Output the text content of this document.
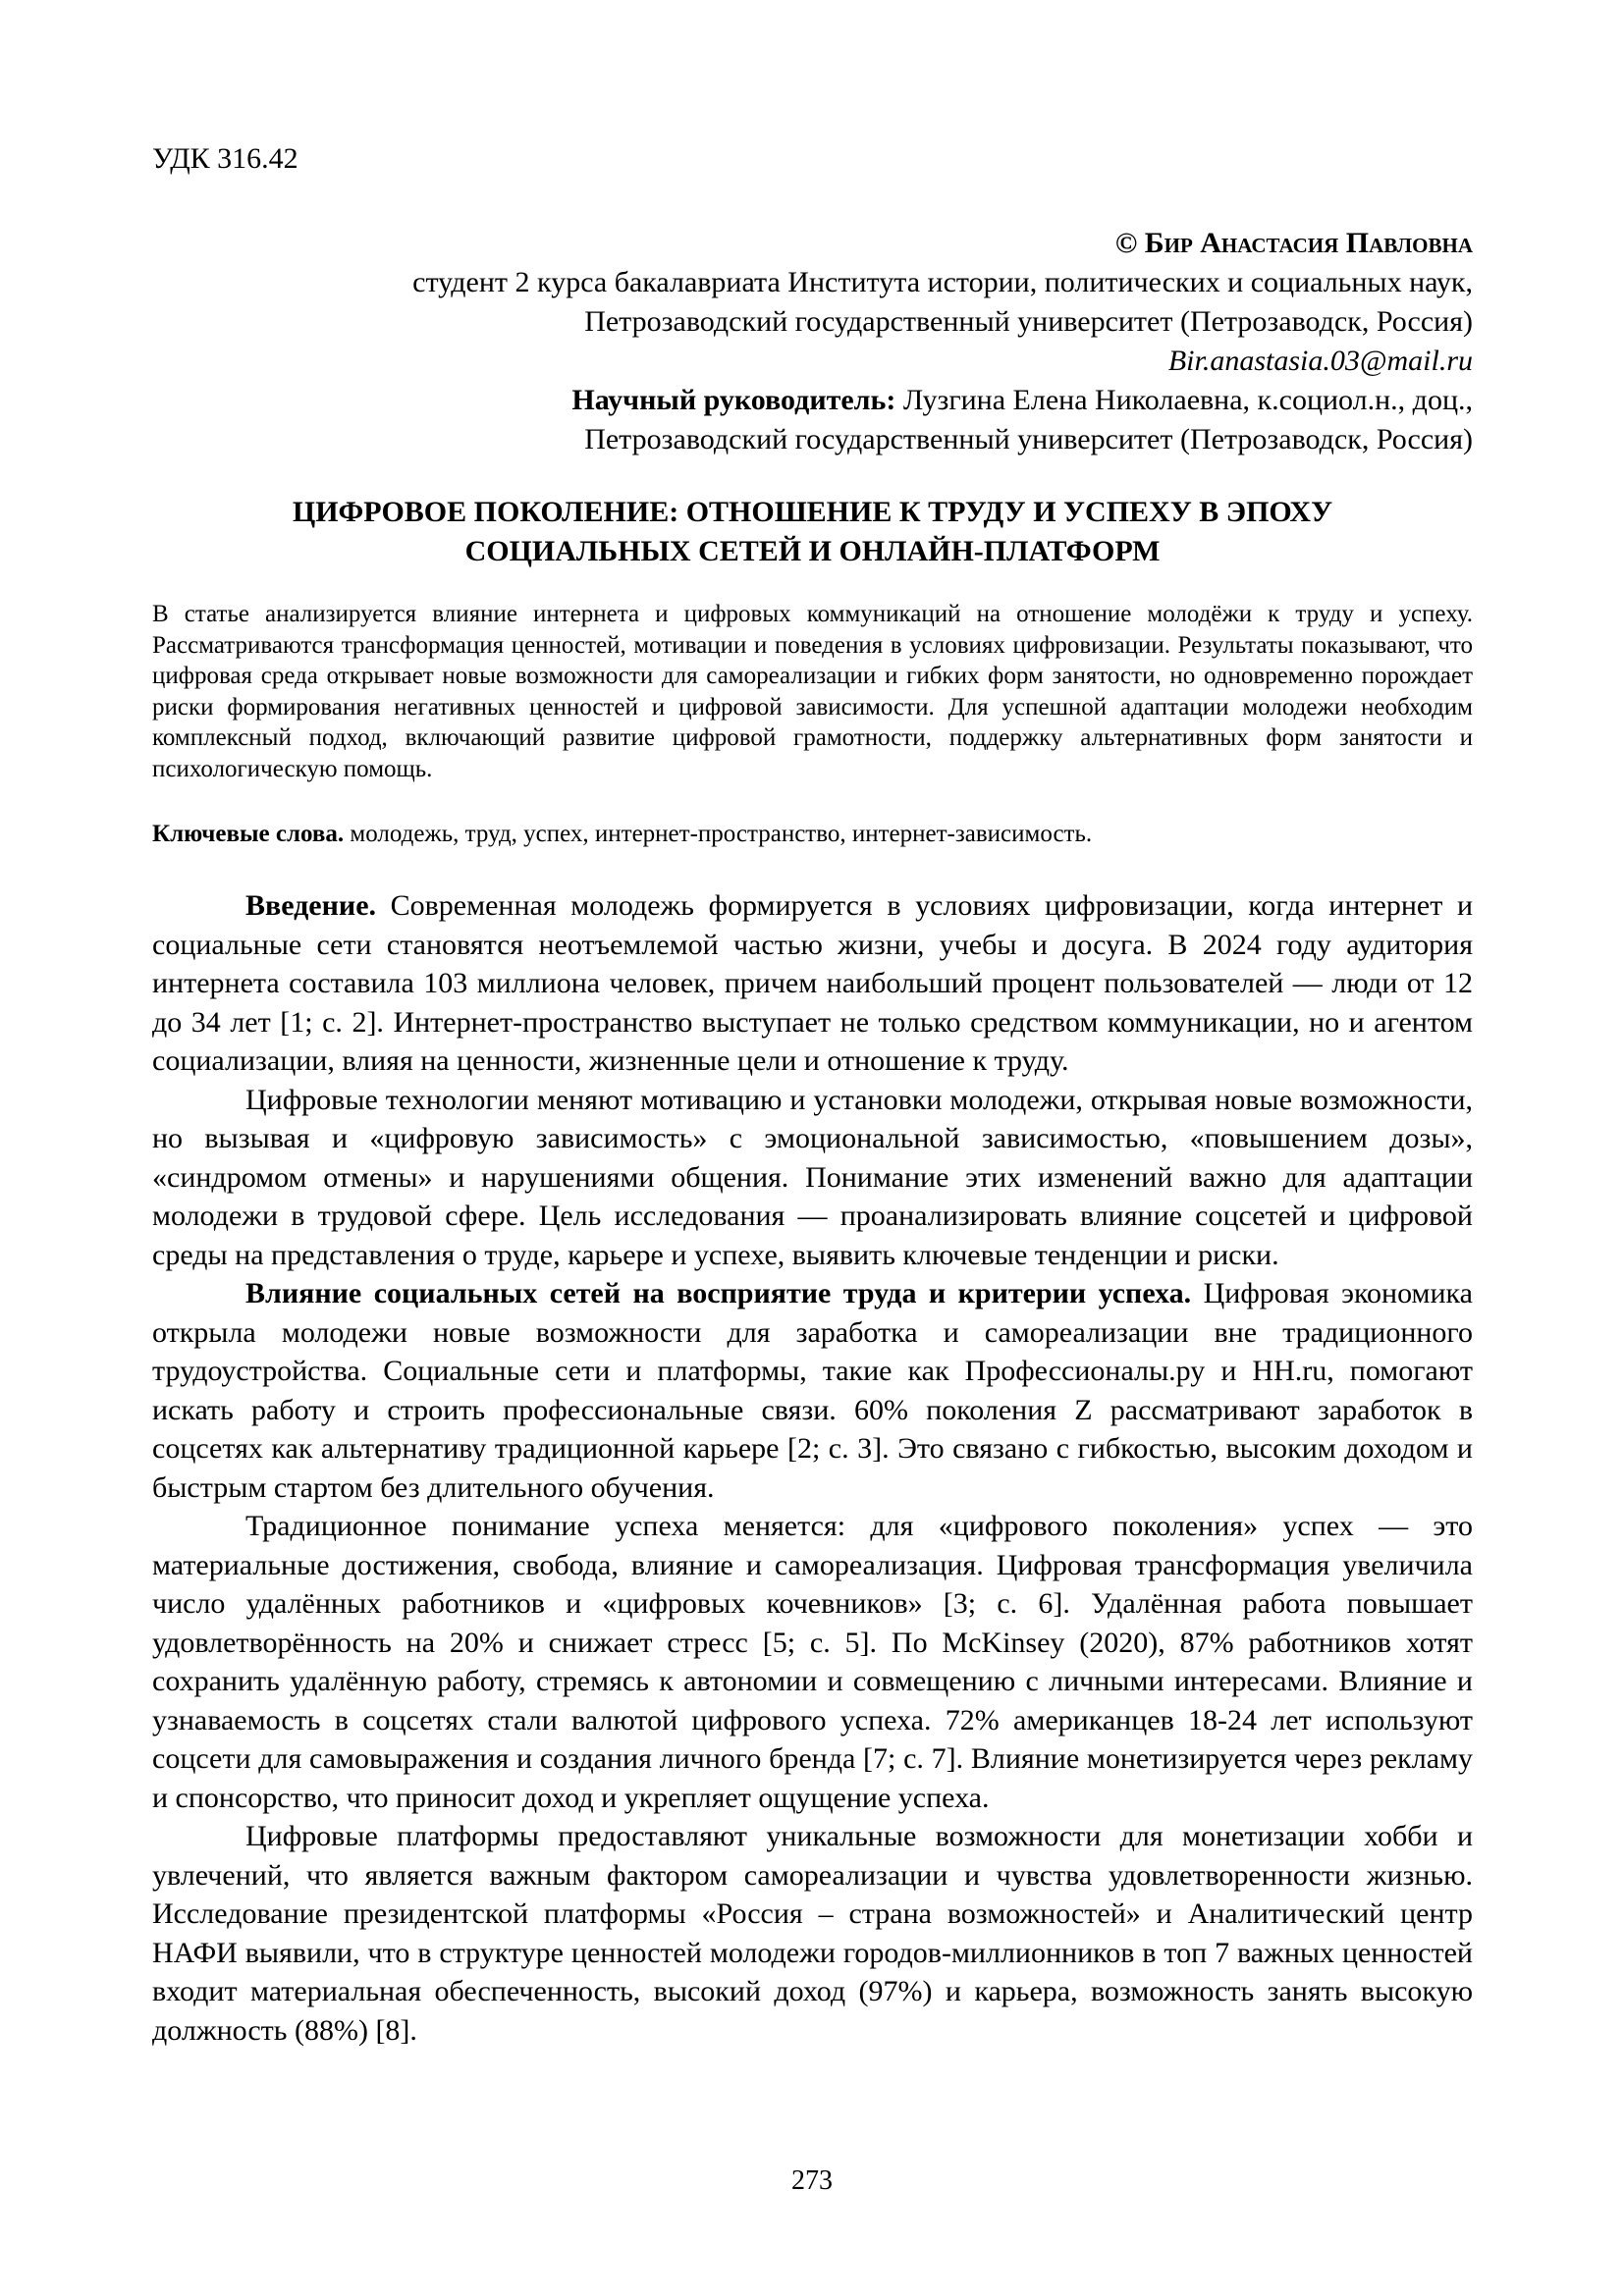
УДК 316.42
© Бир Анастасия Павловна
студент 2 курса бакалавриата Института истории, политических и социальных наук,
Петрозаводский государственный университет (Петрозаводск, Россия)
Bir.anastasia.03@mail.ru
Научный руководитель: Лузгина Елена Николаевна, к.социол.н., доц.,
Петрозаводский государственный университет (Петрозаводск, Россия)
ЦИФРОВОЕ ПОКОЛЕНИЕ: ОТНОШЕНИЕ К ТРУДУ И УСПЕХУ В ЭПОХУ
СОЦИАЛЬНЫХ СЕТЕЙ И ОНЛАЙН-ПЛАТФОРМ

В статье анализируется влияние интернета и цифровых коммуникаций на отношение молодёжи к труду и успеху. Рассматриваются трансформация ценностей, мотивации и поведения в условиях цифровизации. Результаты показывают, что цифровая среда открывает новые возможности для самореализации и гибких форм занятости, но одновременно порождает риски формирования негативных ценностей и цифровой зависимости. Для успешной адаптации молодежи необходим комплексный подход, включающий развитие цифровой грамотности, поддержку альтернативных форм занятости и психологическую помощь.

Ключевые слова. молодежь, труд, успех, интернет-пространство, интернет-зависимость.

Введение. Современная молодежь формируется в условиях цифровизации, когда интернет и социальные сети становятся неотъемлемой частью жизни, учебы и досуга. В 2024 году аудитория интернета составила 103 миллиона человек, причем наибольший процент пользователей — люди от 12 до 34 лет [1; с. 2]. Интернет-пространство выступает не только средством коммуникации, но и агентом социализации, влияя на ценности, жизненные цели и отношение к труду.

Цифровые технологии меняют мотивацию и установки молодежи, открывая новые возможности, но вызывая и «цифровую зависимость» с эмоциональной зависимостью, «повышением дозы», «синдромом отмены» и нарушениями общения. Понимание этих изменений важно для адаптации молодежи в трудовой сфере. Цель исследования — проанализировать влияние соцсетей и цифровой среды на представления о труде, карьере и успехе, выявить ключевые тенденции и риски.

Влияние социальных сетей на восприятие труда и критерии успеха. Цифровая экономика открыла молодежи новые возможности для заработка и самореализации вне традиционного трудоустройства. Социальные сети и платформы, такие как Профессионалы.ру и HH.ru, помогают искать работу и строить профессиональные связи. 60% поколения Z рассматривают заработок в соцсетях как альтернативу традиционной карьере [2; с. 3]. Это связано с гибкостью, высоким доходом и быстрым стартом без длительного обучения.

Традиционное понимание успеха меняется: для «цифрового поколения» успех — это материальные достижения, свобода, влияние и самореализация. Цифровая трансформация увеличила число удалённых работников и «цифровых кочевников» [3; с. 6]. Удалённая работа повышает удовлетворённость на 20% и снижает стресс [5; с. 5]. По McKinsey (2020), 87% работников хотят сохранить удалённую работу, стремясь к автономии и совмещению с личными интересами. Влияние и узнаваемость в соцсетях стали валютой цифрового успеха. 72% американцев 18-24 лет используют соцсети для самовыражения и создания личного бренда [7; с. 7]. Влияние монетизируется через рекламу и спонсорство, что приносит доход и укрепляет ощущение успеха.

Цифровые платформы предоставляют уникальные возможности для монетизации хобби и увлечений, что является важным фактором самореализации и чувства удовлетворенности жизнью. Исследование президентской платформы «Россия – страна возможностей» и Аналитический центр НАФИ выявили, что в структуре ценностей молодежи городов-миллионников в топ 7 важных ценностей входит материальная обеспеченность, высокий доход (97%) и карьера, возможность занять высокую должность (88%) [8].

273
